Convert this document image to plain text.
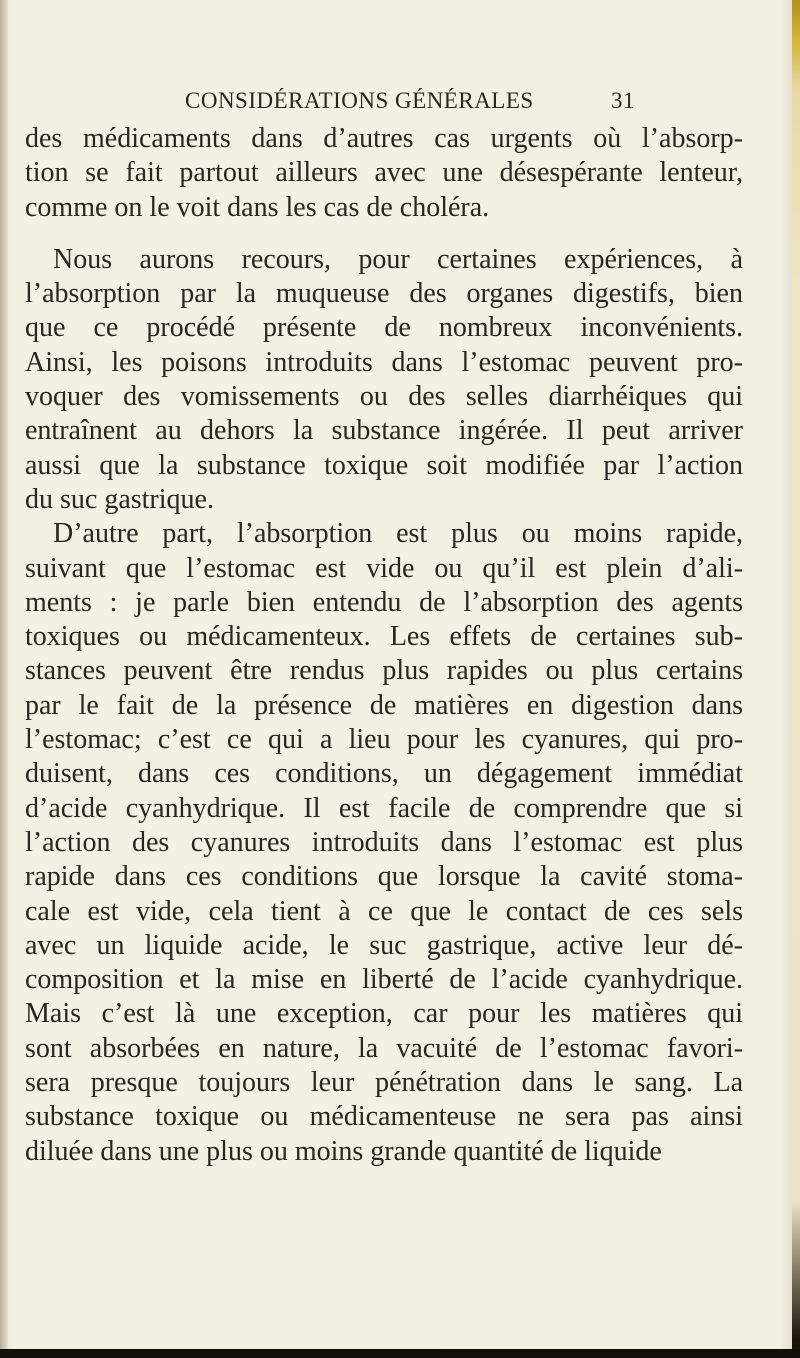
CONSIDÉRATIONS GÉNÉRALES	31
des médicaments dans d’autres cas urgents où l’absorp-
tion se fait partout ailleurs avec une désespérante lenteur,
comme on le voit dans les cas de choléra.
Nous aurons recours, pour certaines expériences, à
l’absorption par la muqueuse des organes digestifs, bien
que ce procédé présente de nombreux inconvénients.
Ainsi, les poisons introduits dans l’estomac peuvent pro-
voquer des vomissements ou des selles diarrhéiques qui
entraînent au dehors la substance ingérée. Il peut arriver
aussi que la substance toxique soit modifiée par l’action
du suc gastrique.
D’autre part, l’absorption est plus ou moins rapide,
suivant que l’estomac est vide ou qu’il est plein d’ali-
ments : je parle bien entendu de l’absorption des agents
toxiques ou médicamenteux. Les effets de certaines sub-
stances peuvent être rendus plus rapides ou plus certains
par le fait de la présence de matières en digestion dans
l’estomac; c’est ce qui a lieu pour les cyanures, qui pro-
duisent, dans ces conditions, un dégagement immédiat
d’acide cyanhydrique. Il est facile de comprendre que si
l’action des cyanures introduits dans l’estomac est plus
rapide dans ces conditions que lorsque la cavité stoma-
cale est vide, cela tient à ce que le contact de ces sels
avec un liquide acide, le suc gastrique, active leur dé-
composition et la mise en liberté de l’acide cyanhydrique.
Mais c’est là une exception, car pour les matières qui
sont absorbées en nature, la vacuité de l’estomac favori-
sera presque toujours leur pénétration dans le sang. La
substance toxique ou médicamenteuse ne sera pas ainsi
diluée dans une plus ou moins grande quantité de liquide
